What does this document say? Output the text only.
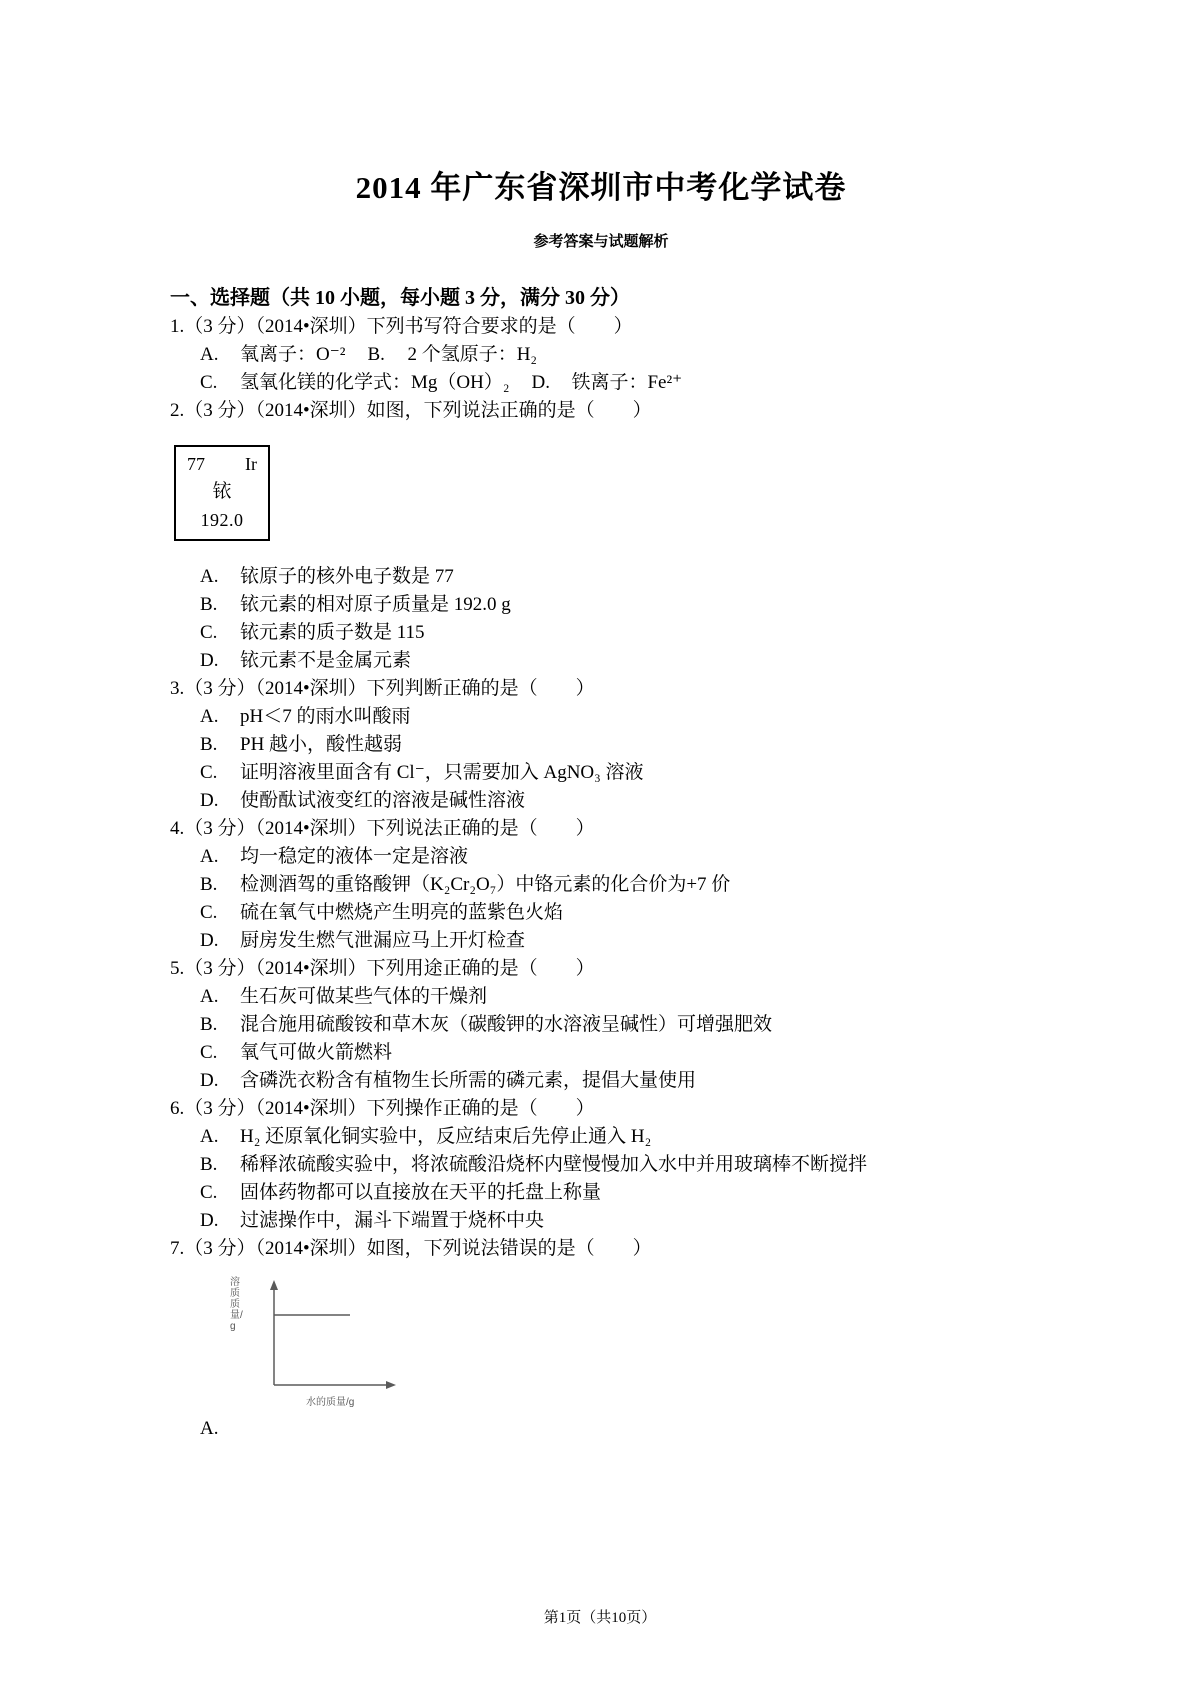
2014 年广东省深圳市中考化学试卷
参考答案与试题解析
一、选择题（共 10 小题，每小题 3 分，满分 30 分）
1.（3 分）（2014•深圳）下列书写符合要求的是（　　）
A.	氧离子：O⁻² B.	2 个氢原子：H₂
C.	氢氧化镁的化学式：Mg（OH）₂ D.	铁离子：Fe²⁺
2.（3 分）（2014•深圳）如图，下列说法正确的是（　　）
77 Ir
铱
192.0
A.	铱原子的核外电子数是 77
B.	铱元素的相对原子质量是 192.0 g
C.	铱元素的质子数是 115
D.	铱元素不是金属元素
3.（3 分）（2014•深圳）下列判断正确的是（　　）
A.	pH＜7 的雨水叫酸雨
B.	PH 越小，酸性越弱
C.	证明溶液里面含有 Cl⁻，只需要加入 AgNO₃ 溶液
D.	使酚酞试液变红的溶液是碱性溶液
4.（3 分）（2014•深圳）下列说法正确的是（　　）
A.	均一稳定的液体一定是溶液
B.	检测酒驾的重铬酸钾（K₂Cr₂O₇）中铬元素的化合价为+7 价
C.	硫在氧气中燃烧产生明亮的蓝紫色火焰
D.	厨房发生燃气泄漏应马上开灯检查
5.（3 分）（2014•深圳）下列用途正确的是（　　）
A.	生石灰可做某些气体的干燥剂
B.	混合施用硫酸铵和草木灰（碳酸钾的水溶液呈碱性）可增强肥效
C.	氧气可做火箭燃料
D.	含磷洗衣粉含有植物生长所需的磷元素，提倡大量使用
6.（3 分）（2014•深圳）下列操作正确的是（　　）
A.	H₂ 还原氧化铜实验中，反应结束后先停止通入 H₂
B.	稀释浓硫酸实验中，将浓硫酸沿烧杯内壁慢慢加入水中并用玻璃棒不断搅拌
C.	固体药物都可以直接放在天平的托盘上称量
D.	过滤操作中，漏斗下端置于烧杯中央
7.（3 分）（2014•深圳）如图，下列说法错误的是（　　）
溶质质量/g
水的质量/g
A.
第1页（共10页）
